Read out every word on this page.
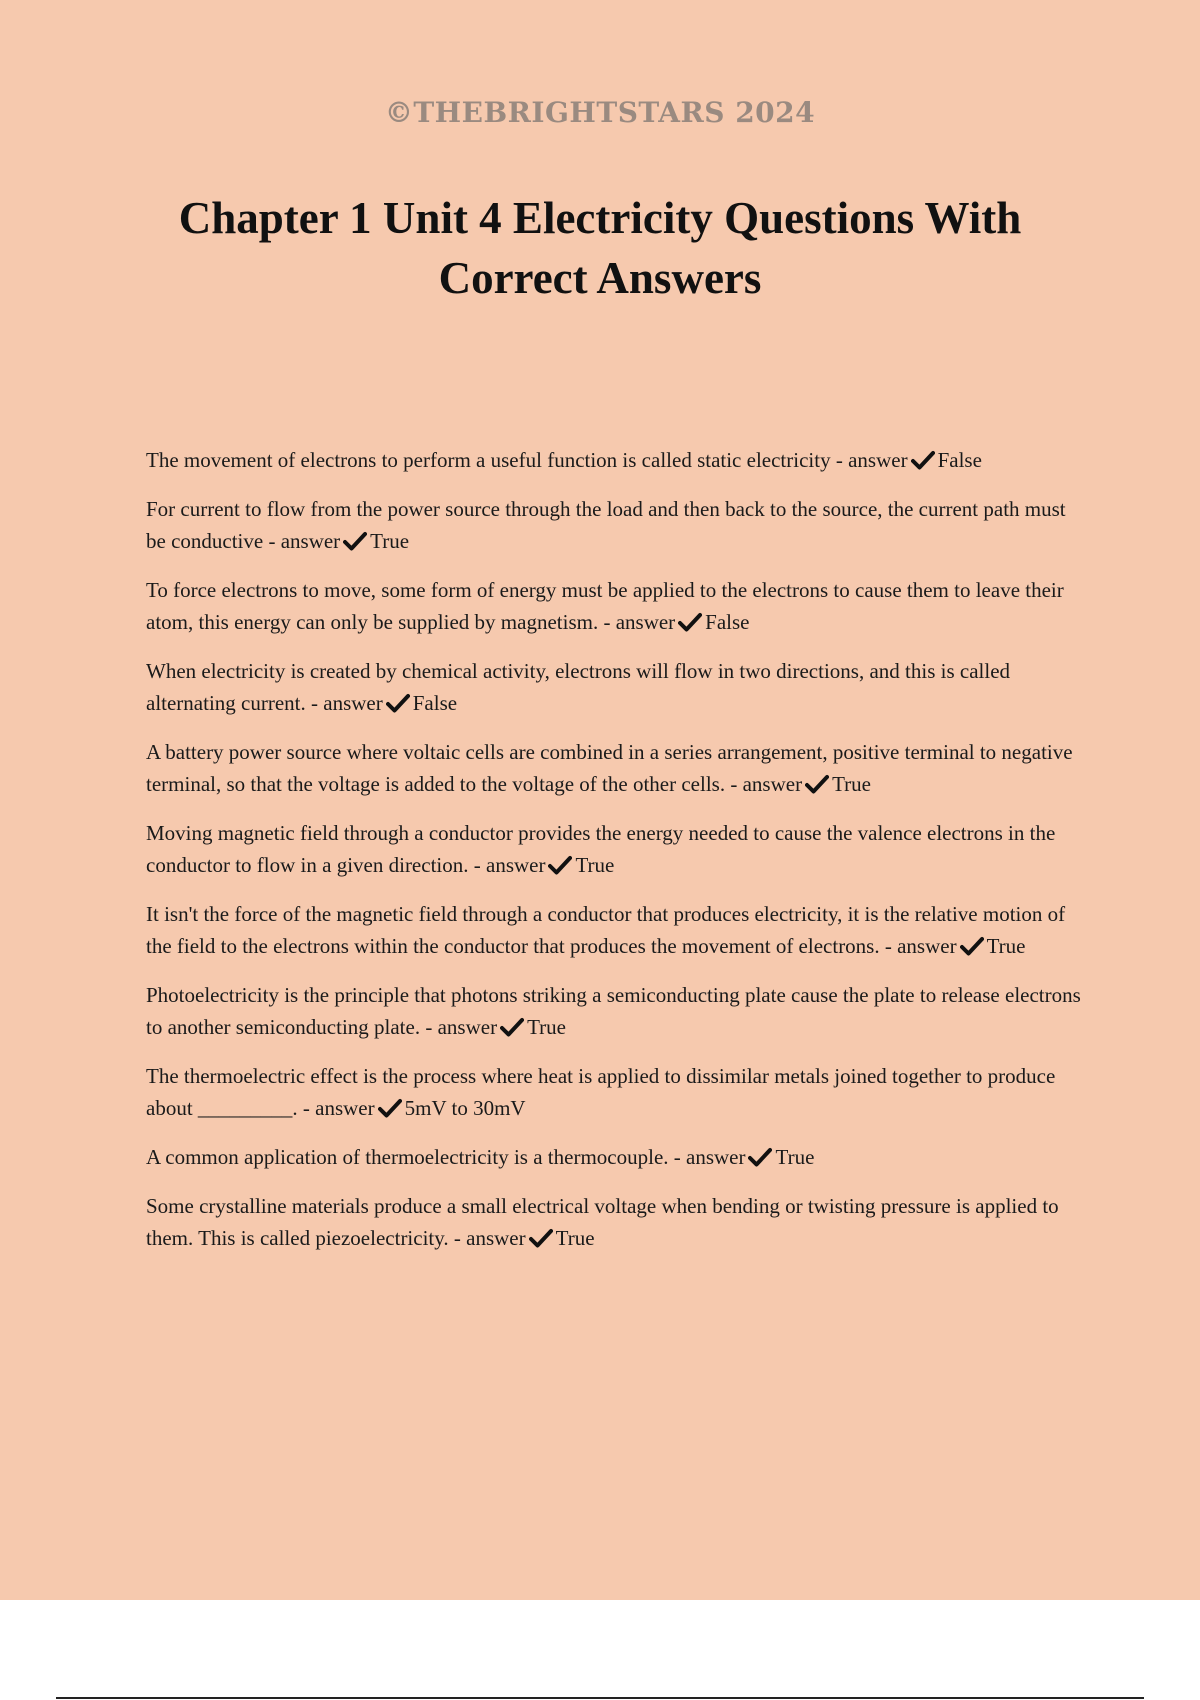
©THEBRIGHTSTARS 2024
Chapter 1 Unit 4 Electricity Questions With Correct Answers
The movement of electrons to perform a useful function is called static electricity - answer False
For current to flow from the power source through the load and then back to the source, the current path must be conductive - answer True
To force electrons to move, some form of energy must be applied to the electrons to cause them to leave their atom, this energy can only be supplied by magnetism. - answer False
When electricity is created by chemical activity, electrons will flow in two directions, and this is called alternating current. - answer False
A battery power source where voltaic cells are combined in a series arrangement, positive terminal to negative terminal, so that the voltage is added to the voltage of the other cells. - answer True
Moving magnetic field through a conductor provides the energy needed to cause the valence electrons in the conductor to flow in a given direction. - answer True
It isn't the force of the magnetic field through a conductor that produces electricity, it is the relative motion of the field to the electrons within the conductor that produces the movement of electrons. - answer True
Photoelectricity is the principle that photons striking a semiconducting plate cause the plate to release electrons to another semiconducting plate. - answer True
The thermoelectric effect is the process where heat is applied to dissimilar metals joined together to produce about _________. - answer 5mV to 30mV
A common application of thermoelectricity is a thermocouple. - answer True
Some crystalline materials produce a small electrical voltage when bending or twisting pressure is applied to them. This is called piezoelectricity. - answer True
